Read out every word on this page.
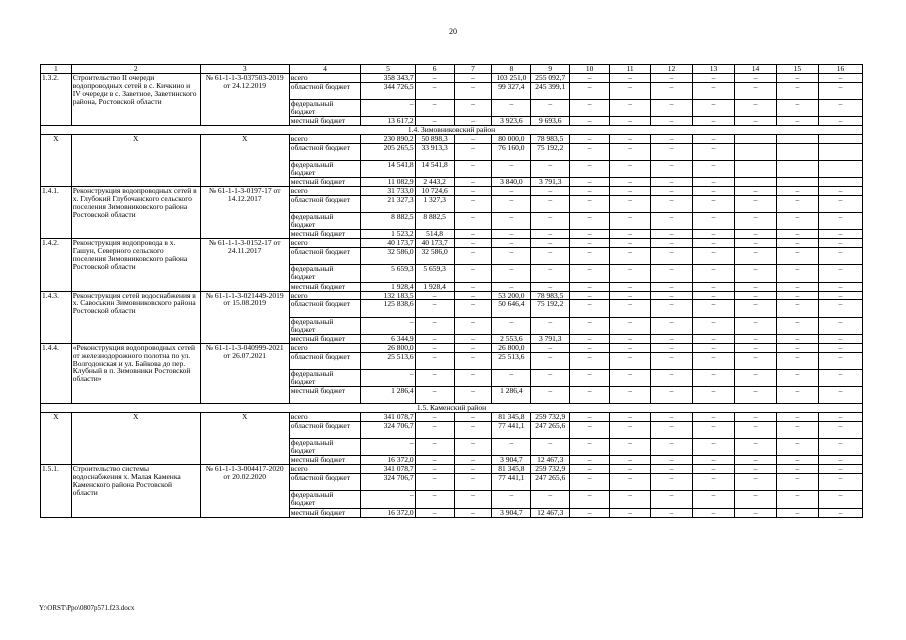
20
1	2	3	4	5	6	7	8	9	10	11	12	13	14	15	16
1.3.2.	Строительство II очереди водопроводных сетей в с. Кичкино и IV очереди в с. Заветное, Заветинского района, Ростовской области	№ 61-1-1-3-037503-2019 от 24.12.2019	всего	358 343,7	–	–	103 251,0	255 092,7	–	–	–	–	–	–	–
			областной бюджет	344 726,5	–	–	99 327,4	245 399,1	–	–	–	–	–	–	–
			федеральный бюджет	–	–	–	–	–	–	–	–	–	–	–	–
			местный бюджет	13 617,2	–	–	3 923,6	9 693,6	–	–	–	–	–	–	–
1.4. Зимовниковский район															
X	X	X	всего	230 890,2	50 898,3	–	80 000,0	78 983,5	–	–	–	–			
			областной бюджет	205 265,5	33 913,3	–	76 160,0	75 192,2	–	–	–	–			
			федеральный бюджет	14 541,8	14 541,8	–	–	–	–	–	–	–			
			местный бюджет	11 082,9	2 443,2	–	3 840,0	3 791,3	–	–	–	–			
1.4.1.	Реконструкция водопроводных сетей в х. Глубокий Глубочанского сельского поселения Зимовниковского района Ростовской области	№ 61-1-1-3-0197-17 от 14.12.2017	всего	31 733,0	10 724,6	–	–	–	–	–	–	–	–	–	–
			областной бюджет	21 327,3	1 327,3	–	–	–	–	–	–	–	–	–	–
			федеральный бюджет	8 882,5	8 882,5	–	–	–	–	–	–	–	–	–	–
			местный бюджет	1 523,2	514,8	–	–	–	–	–	–	–	–	–	–
1.4.2.	Реконструкция водопровода в х. Гашун, Северного сельского поселения Зимовниковского района Ростовской области	№ 61-1-1-3-0152-17 от 24.11.2017	всего	40 173,7	40 173,7	–	–	–	–	–	–	–	–	–	–
			областной бюджет	32 586,0	32 586,0	–	–	–	–	–	–	–	–	–	–
			федеральный бюджет	5 659,3	5 659,3	–	–	–	–	–	–	–	–	–	–
			местный бюджет	1 928,4	1 928,4	–	–	–	–	–	–	–	–	–	–
1.4.3.	Реконструкция сетей водоснабжения в х. Савоськин Зимовниковского района Ростовской области	№ 61-1-1-3-021449-2019 от 15.08.2019	всего	132 183,5	–	–	53 200,0	78 983,5	–	–	–	–	–	–	–
			областной бюджет	125 838,6	–	–	50 646,4	75 192,2	–	–	–	–	–	–	–
			федеральный бюджет	–	–	–	–	–	–	–	–	–	–	–	–
			местный бюджет	6 344,9	–	–	2 553,6	3 791,3	–	–	–	–	–	–	–
1.4.4.	«Реконструкция водопроводных сетей от железнодорожного полотна по ул. Волгодонская и ул. Байкова до пер. Клубный в п. Зимовники Ростовской области»	№ 61-1-1-3-040999-2021 от 26.07.2021	всего	26 800,0	–	–	26 800,0	–	–	–	–	–	–	–	–
			областной бюджет	25 513,6	–	–	25 513,6	–	–	–	–	–	–	–	–
			федеральный бюджет	–	–	–	–	–	–	–	–	–	–	–	–
			местный бюджет	1 286,4	–	–	1 286,4	–	–	–	–	–	–	–	–
1.5. Каменский район															
X	X	X	всего	341 078,7	–	–	81 345,8	259 732,9	–	–	–	–	–	–	–
			областной бюджет	324 706,7	–	–	77 441,1	247 265,6	–	–	–	–	–	–	–
			федеральный бюджет	–	–	–	–	–	–	–	–	–	–	–	–
			местный бюджет	16 372,0	–	–	3 904,7	12 467,3	–	–	–	–	–	–	–
1.5.1.	Строительство системы водоснабжения х. Малая Каменка Каменского района Ростовской области	№ 61-1-1-3-004417-2020 от 20.02.2020	всего	341 078,7	–	–	81 345,8	259 732,9	–	–	–	–	–	–	–
			областной бюджет	324 706,7	–	–	77 441,1	247 265,6	–	–	–	–	–	–	–
			федеральный бюджет	–	–	–	–	–	–	–	–	–	–	–	–
			местный бюджет	16 372,0	–	–	3 904,7	12 467,3	–	–	–	–	–	–	–
Y:\ORST\Ppo\0807p571.f23.docx
